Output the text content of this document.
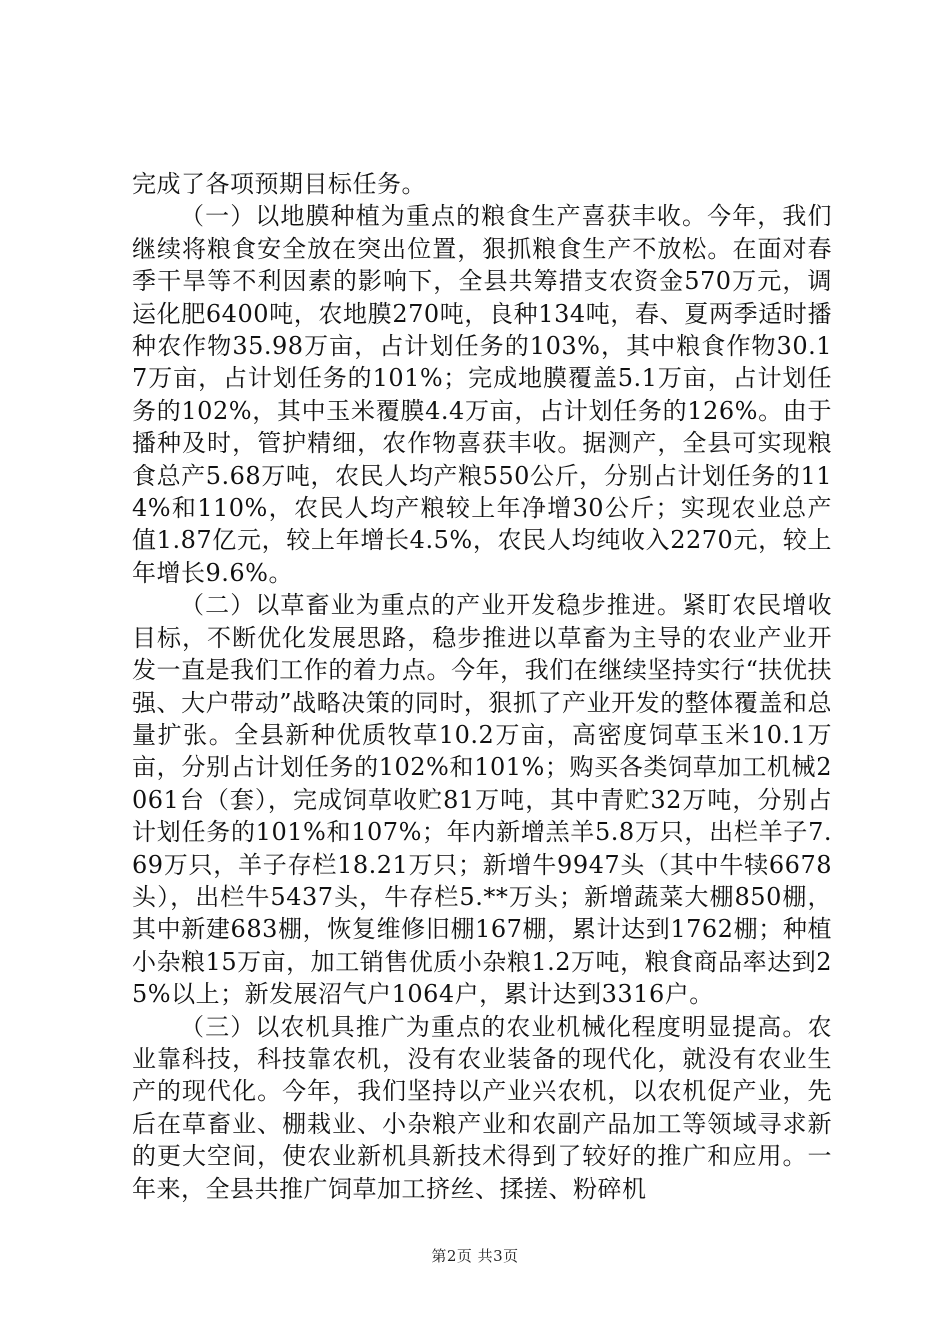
完成了各项预期目标任务。

（一）以地膜种植为重点的粮食生产喜获丰收。今年，我们继续将粮食安全放在突出位置，狠抓粮食生产不放松。在面对春季干旱等不利因素的影响下，全县共筹措支农资金570万元，调运化肥6400吨，农地膜270吨，良种134吨，春、夏两季适时播种农作物35.98万亩，占计划任务的103%，其中粮食作物30.17万亩，占计划任务的101%；完成地膜覆盖5.1万亩，占计划任务的102%，其中玉米覆膜4.4万亩，占计划任务的126%。由于播种及时，管护精细，农作物喜获丰收。据测产，全县可实现粮食总产5.68万吨，农民人均产粮550公斤，分别占计划任务的114%和110%，农民人均产粮较上年净增30公斤；实现农业总产值1.87亿元，较上年增长4.5%，农民人均纯收入2270元，较上年增长9.6%。

（二）以草畜业为重点的产业开发稳步推进。紧盯农民增收目标，不断优化发展思路，稳步推进以草畜为主导的农业产业开发一直是我们工作的着力点。今年，我们在继续坚持实行“扶优扶强、大户带动”战略决策的同时，狠抓了产业开发的整体覆盖和总量扩张。全县新种优质牧草10.2万亩，高密度饲草玉米10.1万亩，分别占计划任务的102%和101%；购买各类饲草加工机械2061台（套），完成饲草收贮81万吨，其中青贮32万吨，分别占计划任务的101%和107%；年内新增羔羊5.8万只，出栏羊子7.69万只，羊子存栏18.21万只；新增牛9947头（其中牛犊6678头），出栏牛5437头，牛存栏5.**万头；新增蔬菜大棚850棚，其中新建683棚，恢复维修旧棚167棚，累计达到1762棚；种植小杂粮15万亩，加工销售优质小杂粮1.2万吨，粮食商品率达到25%以上；新发展沼气户1064户，累计达到3316户。

（三）以农机具推广为重点的农业机械化程度明显提高。农业靠科技，科技靠农机，没有农业装备的现代化，就没有农业生产的现代化。今年，我们坚持以产业兴农机，以农机促产业，先后在草畜业、棚栽业、小杂粮产业和农副产品加工等领域寻求新的更大空间，使农业新机具新技术得到了较好的推广和应用。一年来，全县共推广饲草加工挤丝、揉搓、粉碎机

第2页 共3页
